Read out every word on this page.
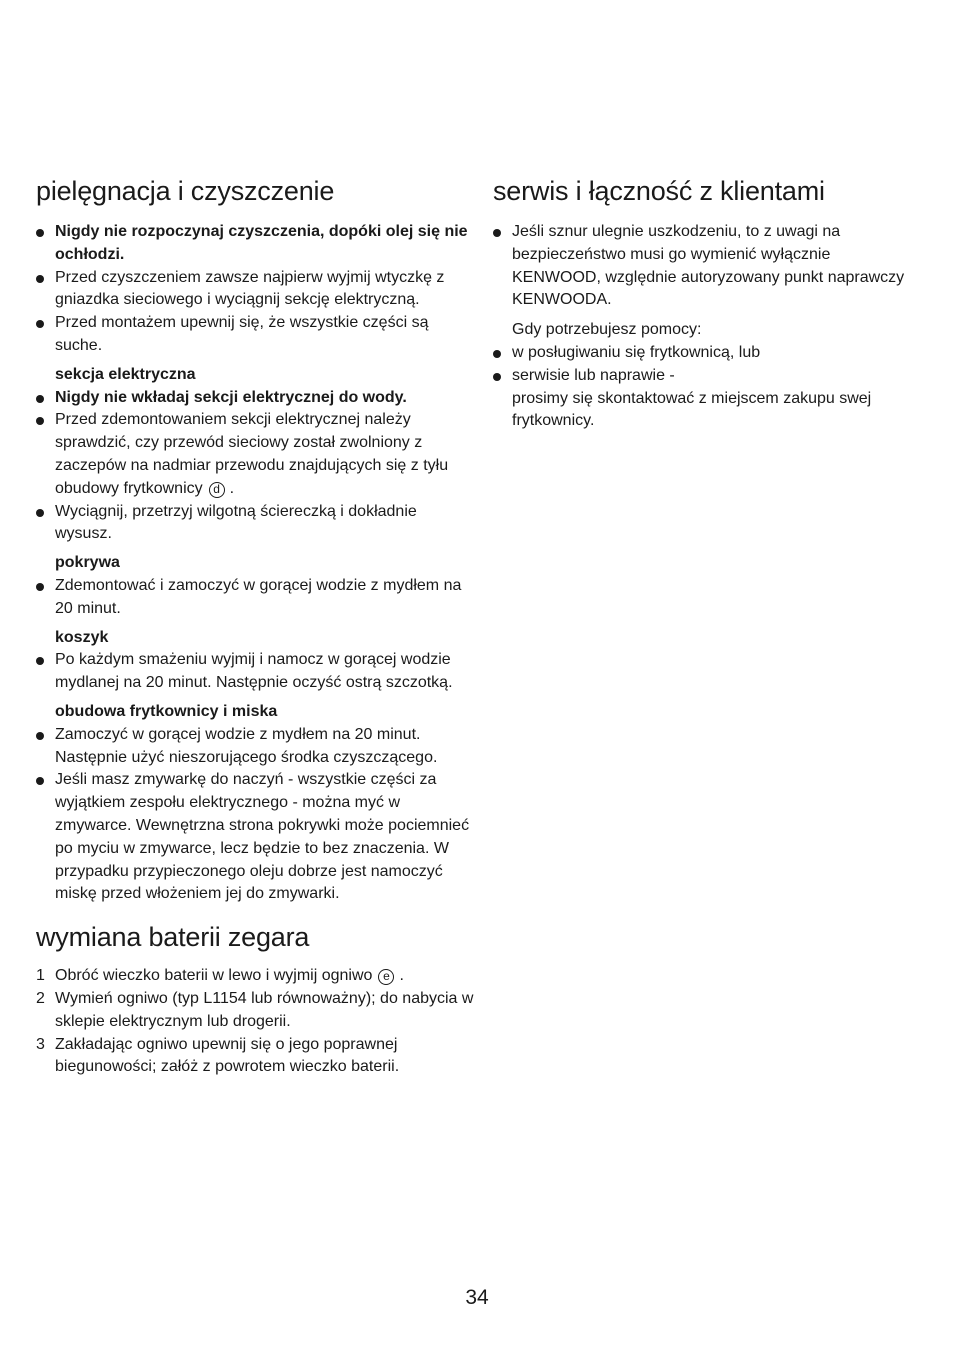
pielęgnacja i czyszczenie
Nigdy nie rozpoczynaj czyszczenia, dopóki olej się nie ochłodzi.
Przed czyszczeniem zawsze najpierw wyjmij wtyczkę z gniazdka sieciowego i wyciągnij sekcję elektryczną.
Przed montażem upewnij się, że wszystkie części są suche.
sekcja elektryczna
Nigdy nie wkładaj sekcji elektrycznej do wody.
Przed zdemontowaniem sekcji elektrycznej należy sprawdzić, czy przewód sieciowy został zwolniony z zaczepów na nadmiar przewodu znajdujących się z tyłu obudowy frytkownicy d .
Wyciągnij, przetrzyj wilgotną ściereczką i dokładnie wysusz.
pokrywa
Zdemontować i zamoczyć w gorącej wodzie z mydłem na 20 minut.
koszyk
Po każdym smażeniu wyjmij i namocz w gorącej wodzie mydlanej na 20 minut. Następnie oczyść ostrą szczotką.
obudowa frytkownicy i miska
Zamoczyć w gorącej wodzie z mydłem na 20 minut. Następnie użyć nieszorującego środka czyszczącego.
Jeśli masz zmywarkę do naczyń - wszystkie części za wyjątkiem zespołu elektrycznego - można myć w zmywarce. Wewnętrzna strona pokrywki może pociemnieć po myciu w zmywarce, lecz będzie to bez znaczenia. W przypadku przypieczonego oleju dobrze jest namoczyć miskę przed włożeniem jej do zmywarki.
wymiana baterii zegara
1 Obróć wieczko baterii w lewo i wyjmij ogniwo e .
2 Wymień ogniwo (typ L1154 lub równoważny); do nabycia w sklepie elektrycznym lub drogerii.
3 Zakładając ogniwo upewnij się o jego poprawnej biegunowości; załóż z powrotem wieczko baterii.
serwis i łączność z klientami
Jeśli sznur ulegnie uszkodzeniu, to z uwagi na bezpieczeństwo musi go wymienić wyłącznie KENWOOD, względnie autoryzowany punkt naprawczy KENWOODA.
Gdy potrzebujesz pomocy:
w posługiwaniu się frytkownicą, lub
serwisie lub naprawie -
prosimy się skontaktować z miejscem zakupu swej frytkownicy.
34
